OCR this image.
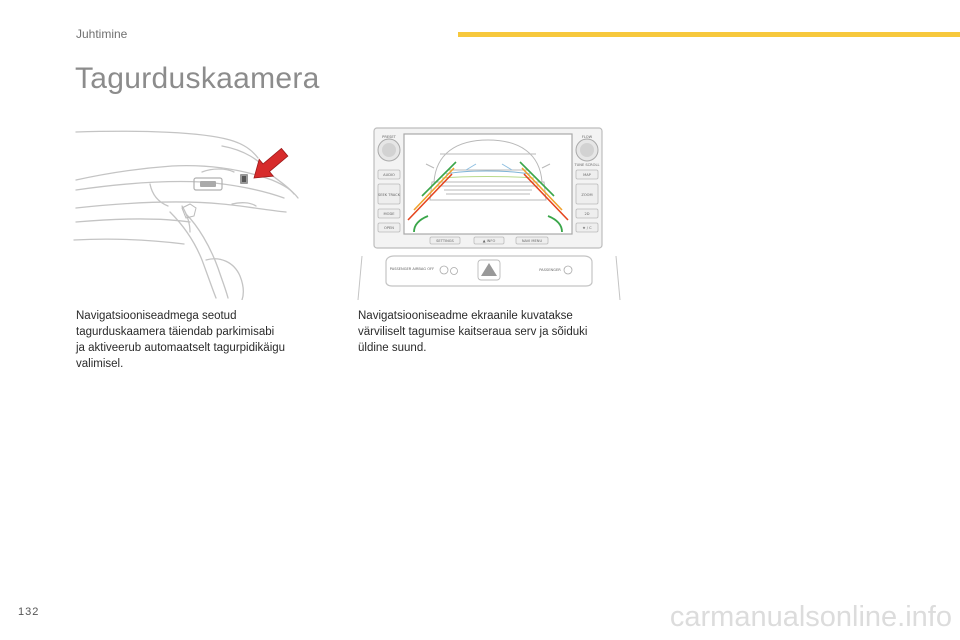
Juhtimine
Tagurduskaamera
PRESET
AUDIO
SEEK TRACK
MODE
OPEN
FLOW
TUNE SCROLL
MAP
ZOOM
2D
★ / C
SETTINGS	▲ INFO	NAVI MENU
PASSENGER AIRBAG OFF	PASSENGER
Navigatsiooniseadmega seotud
tagurduskaamera täiendab parkimisabi
ja aktiveerub automaatselt tagurpidikäigu
valimisel.
Navigatsiooniseadme ekraanile kuvatakse
värviliselt tagumise kaitseraua serv ja sõiduki
üldine suund.
132	carmanualsonline.info
